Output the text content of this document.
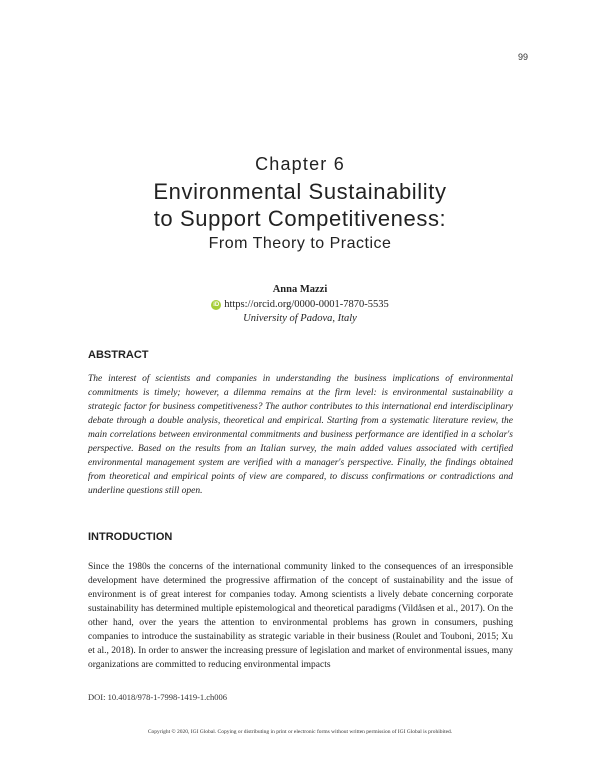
99
Chapter 6
Environmental Sustainability
to Support Competitiveness:
From Theory to Practice
Anna Mazzi
iD https://orcid.org/0000-0001-7870-5535
University of Padova, Italy
ABSTRACT
The interest of scientists and companies in understanding the business implications of environmental commitments is timely; however, a dilemma remains at the firm level: is environmental sustainability a strategic factor for business competitiveness? The author contributes to this international end interdisciplinary debate through a double analysis, theoretical and empirical. Starting from a systematic literature review, the main correlations between environmental commitments and business performance are identified in a scholar's perspective. Based on the results from an Italian survey, the main added values associated with certified environmental management system are verified with a manager's perspective. Finally, the findings obtained from theoretical and empirical points of view are compared, to discuss confirmations or contradictions and underline questions still open.
INTRODUCTION
Since the 1980s the concerns of the international community linked to the consequences of an irresponsible development have determined the progressive affirmation of the concept of sustainability and the issue of environment is of great interest for companies today. Among scientists a lively debate concerning corporate sustainability has determined multiple epistemological and theoretical paradigms (Vildåsen et al., 2017). On the other hand, over the years the attention to environmental problems has grown in consumers, pushing companies to introduce the sustainability as strategic variable in their business (Roulet and Touboni, 2015; Xu et al., 2018). In order to answer the increasing pressure of legislation and market of environmental issues, many organizations are committed to reducing environmental impacts
DOI: 10.4018/978-1-7998-1419-1.ch006
Copyright © 2020, IGI Global. Copying or distributing in print or electronic forms without written permission of IGI Global is prohibited.
